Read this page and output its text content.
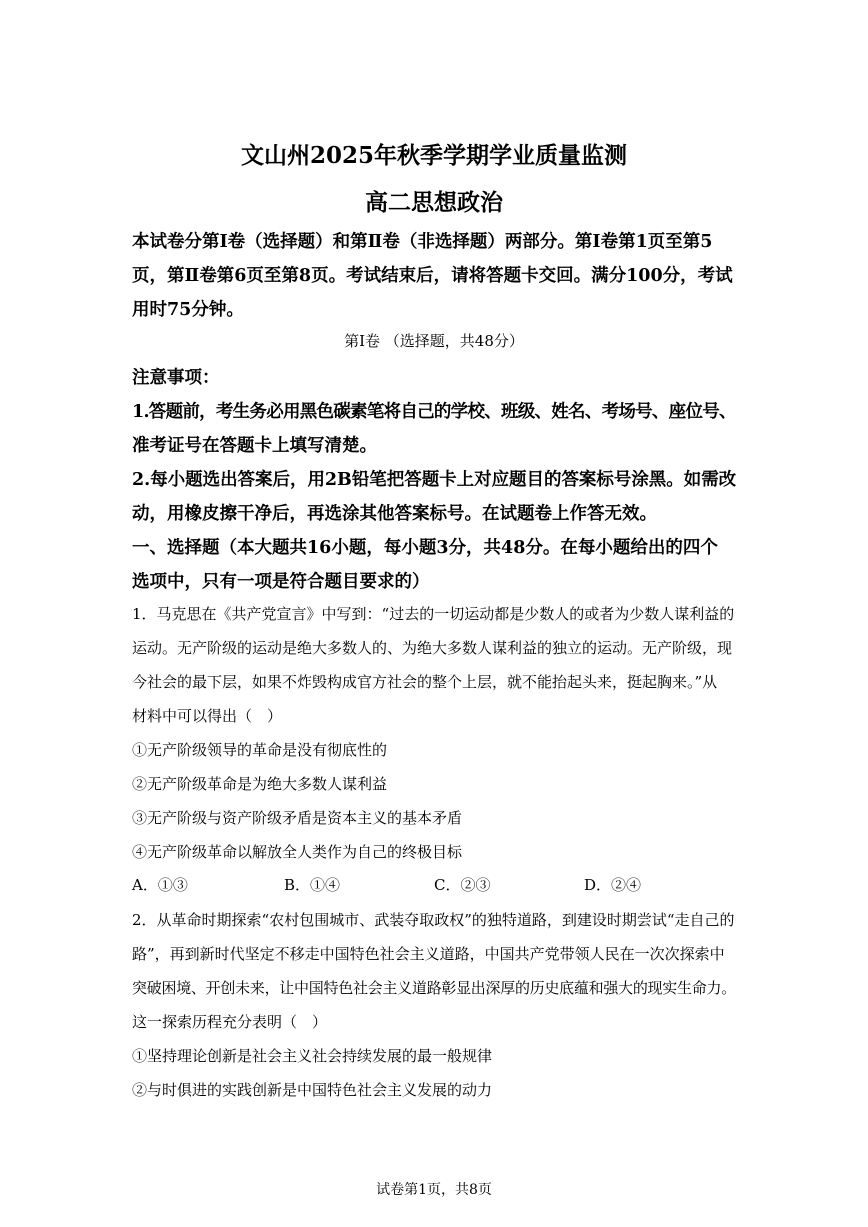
文山州2025年秋季学期学业质量监测
高二思想政治
本试卷分第Ⅰ卷（选择题）和第Ⅱ卷（非选择题）两部分。第Ⅰ卷第1页至第5
页，第Ⅱ卷第6页至第8页。考试结束后，请将答题卡交回。满分100分，考试
用时75分钟。
第Ⅰ卷 （选择题，共48分）
注意事项：
1.答题前，考生务必用黑色碳素笔将自己的学校、班级、姓名、考场号、座位号、
准考证号在答题卡上填写清楚。
2.每小题选出答案后，用2B铅笔把答题卡上对应题目的答案标号涂黑。如需改
动，用橡皮擦干净后，再选涂其他答案标号。在试题卷上作答无效。
一、选择题（本大题共16小题，每小题3分，共48分。在每小题给出的四个
选项中，只有一项是符合题目要求的）
1．马克思在《共产党宣言》中写到：“过去的一切运动都是少数人的或者为少数人谋利益的
运动。无产阶级的运动是绝大多数人的、为绝大多数人谋利益的独立的运动。无产阶级，现
今社会的最下层，如果不炸毁构成官方社会的整个上层，就不能抬起头来，挺起胸来。”从
材料中可以得出（　）
①无产阶级领导的革命是没有彻底性的
②无产阶级革命是为绝大多数人谋利益
③无产阶级与资产阶级矛盾是资本主义的基本矛盾
④无产阶级革命以解放全人类作为自己的终极目标
A．①③	B．①④	C．②③	D．②④
2．从革命时期探索“农村包围城市、武装夺取政权”的独特道路，到建设时期尝试“走自己的
路”，再到新时代坚定不移走中国特色社会主义道路，中国共产党带领人民在一次次探索中
突破困境、开创未来，让中国特色社会主义道路彰显出深厚的历史底蕴和强大的现实生命力。
这一探索历程充分表明（　）
①坚持理论创新是社会主义社会持续发展的最一般规律
②与时俱进的实践创新是中国特色社会主义发展的动力
试卷第1页，共8页
